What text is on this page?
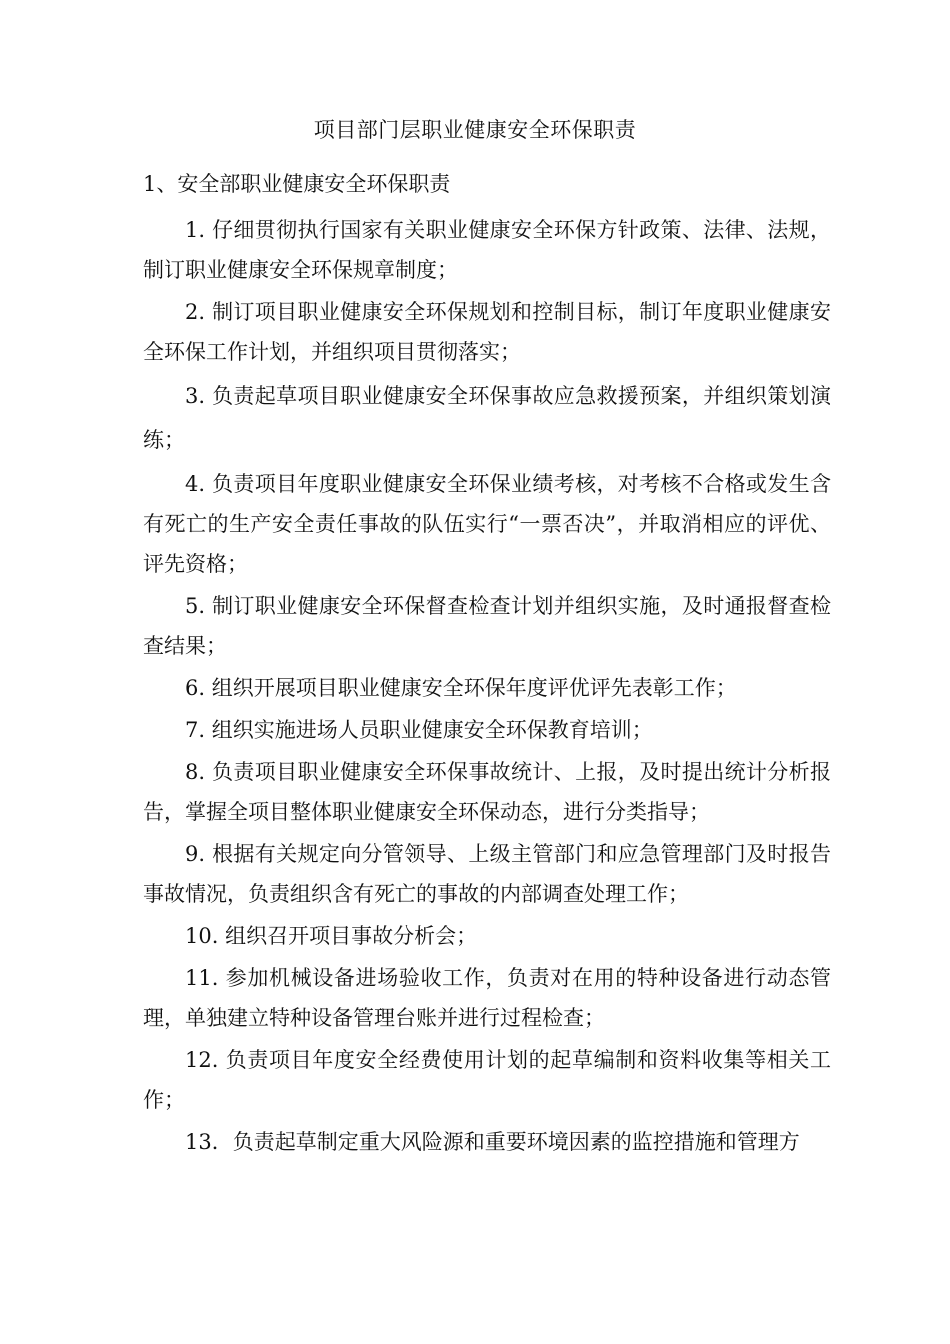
项目部门层职业健康安全环保职责
1、安全部职业健康安全环保职责

1. 仔细贯彻执行国家有关职业健康安全环保方针政策、法律、法规，制订职业健康安全环保规章制度；

2. 制订项目职业健康安全环保规划和控制目标，制订年度职业健康安全环保工作计划，并组织项目贯彻落实；

3. 负责起草项目职业健康安全环保事故应急救援预案，并组织策划演练；

4. 负责项目年度职业健康安全环保业绩考核，对考核不合格或发生含有死亡的生产安全责任事故的队伍实行“一票否决”，并取消相应的评优、评先资格；

5. 制订职业健康安全环保督查检查计划并组织实施，及时通报督查检查结果；

6. 组织开展项目职业健康安全环保年度评优评先表彰工作；

7. 组织实施进场人员职业健康安全环保教育培训；

8. 负责项目职业健康安全环保事故统计、上报，及时提出统计分析报告，掌握全项目整体职业健康安全环保动态，进行分类指导；

9. 根据有关规定向分管领导、上级主管部门和应急管理部门及时报告事故情况，负责组织含有死亡的事故的内部调查处理工作；

10. 组织召开项目事故分析会；

11. 参加机械设备进场验收工作，负责对在用的特种设备进行动态管理，单独建立特种设备管理台账并进行过程检查；

12. 负责项目年度安全经费使用计划的起草编制和资料收集等相关工作；

13．负责起草制定重大风险源和重要环境因素的监控措施和管理方
